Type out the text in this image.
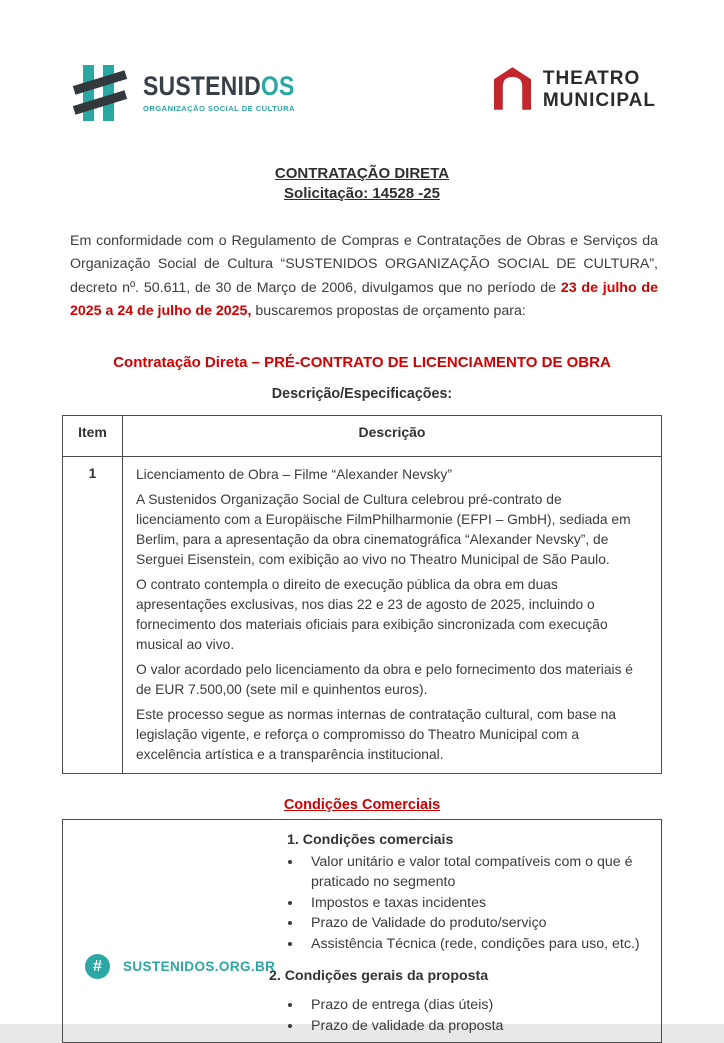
SUSTENIDOS
ORGANIZAÇÃO SOCIAL DE CULTURA
THEATRO
MUNICIPAL
CONTRATAÇÃO DIRETA
Solicitação: 14528 -25

Em conformidade com o Regulamento de Compras e Contratações de Obras e Serviços da Organização Social de Cultura “SUSTENIDOS ORGANIZAÇÃO SOCIAL DE CULTURA”, decreto nº. 50.611, de 30 de Março de 2006, divulgamos que no período de 23 de julho de 2025 a 24 de julho de 2025, buscaremos propostas de orçamento para:

Contratação Direta – PRÉ-CONTRATO DE LICENCIAMENTO DE OBRA
Descrição/Especificações:
Item	Descrição
1	Licenciamento de Obra – Filme “Alexander Nevsky”

A Sustenidos Organização Social de Cultura celebrou pré-contrato de licenciamento com a Europäische FilmPhilharmonie (EFPI – GmbH), sediada em Berlim, para a apresentação da obra cinematográfica “Alexander Nevsky”, de Serguei Eisenstein, com exibição ao vivo no Theatro Municipal de São Paulo.

O contrato contempla o direito de execução pública da obra em duas apresentações exclusivas, nos dias 22 e 23 de agosto de 2025, incluindo o fornecimento dos materiais oficiais para exibição sincronizada com execução musical ao vivo.

O valor acordado pelo licenciamento da obra e pelo fornecimento dos materiais é de EUR 7.500,00 (sete mil e quinhentos euros).

Este processo segue as normas internas de contratação cultural, com base na legislação vigente, e reforça o compromisso do Theatro Municipal com a excelência artística e a transparência institucional.

Condições Comerciais
1. Condições comerciais
• Valor unitário e valor total compatíveis com o que é praticado no segmento
• Impostos e taxas incidentes
• Prazo de Validade do produto/serviço
• Assistência Técnica (rede, condições para uso, etc.)
2. Condições gerais da proposta
• Prazo de entrega (dias úteis)
• Prazo de validade da proposta
#	SUSTENIDOS.ORG.BR
